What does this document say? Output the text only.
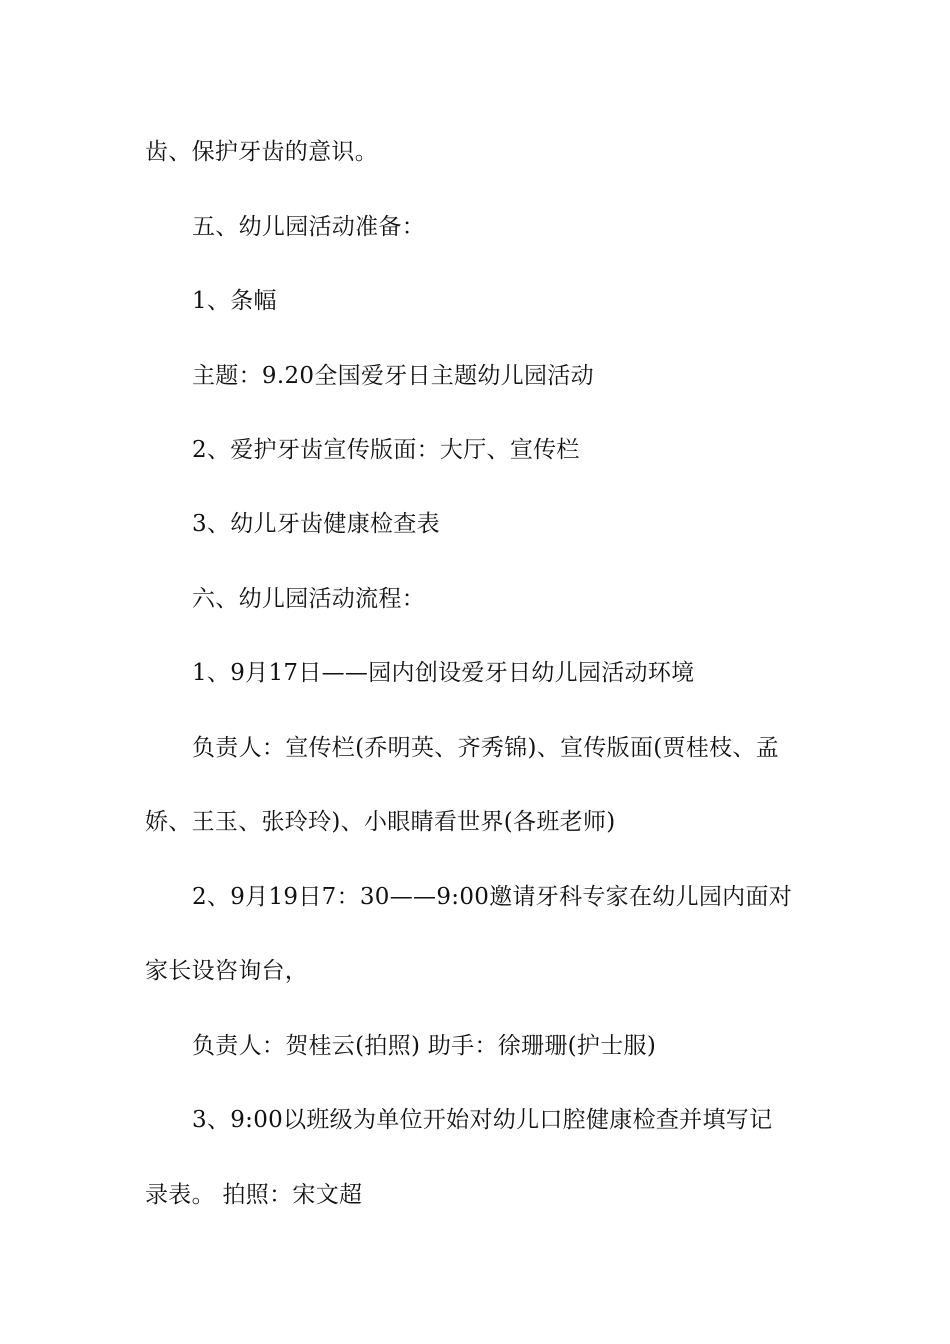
齿、保护牙齿的意识。
五、幼儿园活动准备：
1、条幅
主题：9.20全国爱牙日主题幼儿园活动
2、爱护牙齿宣传版面：大厅、宣传栏
3、幼儿牙齿健康检查表
六、幼儿园活动流程：
1、9月17日——园内创设爱牙日幼儿园活动环境
负责人：宣传栏(乔明英、齐秀锦)、宣传版面(贾桂枝、孟
娇、王玉、张玲玲)、小眼睛看世界(各班老师)
2、9月19日7：30——9:00邀请牙科专家在幼儿园内面对
家长设咨询台，
负责人：贺桂云(拍照) 助手：徐珊珊(护士服)
3、9:00以班级为单位开始对幼儿口腔健康检查并填写记
录表。 拍照：宋文超
